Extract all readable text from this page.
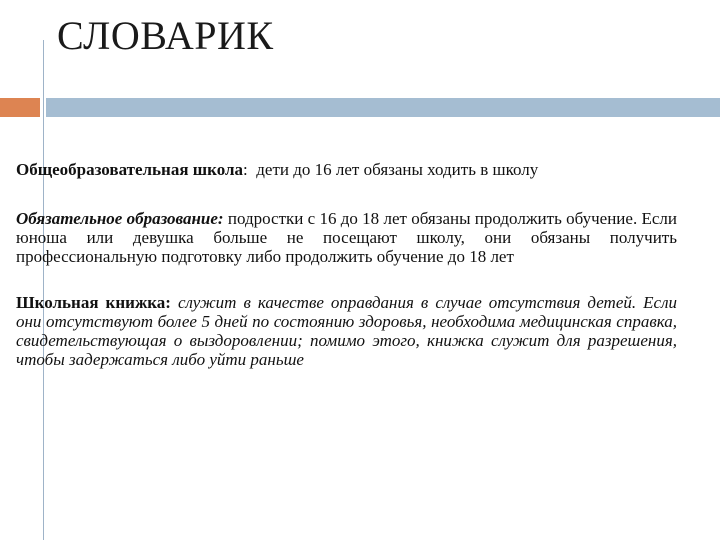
СЛОВАРИК

Общеобразовательная школа:  дети до 16 лет обязаны ходить в школу

Обязательное образование: подростки с 16 до 18 лет обязаны продолжить обучение. Если юноша или девушка больше не посещают школу, они обязаны получить профессиональную подготовку либо продолжить обучение до 18 лет

Школьная книжка: служит в качестве оправдания в случае отсутствия детей. Если они отсутствуют более 5 дней по состоянию здоровья, необходима медицинская справка, свидетельствующая о выздоровлении; помимо этого, книжка служит для разрешения, чтобы задержаться либо уйти раньше
